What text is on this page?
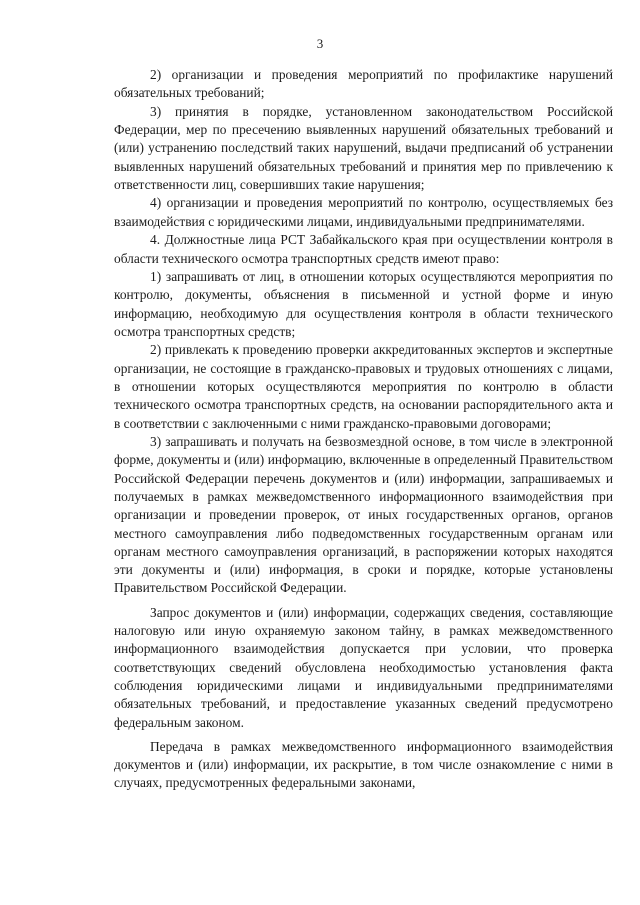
3

2) организации и проведения мероприятий по профилактике нарушений обязательных требований;

3) принятия в порядке, установленном законодательством Российской Федерации, мер по пресечению выявленных нарушений обязательных требований и (или) устранению последствий таких нарушений, выдачи предписаний об устранении выявленных нарушений обязательных требований и принятия мер по привлечению к ответственности лиц, совершивших такие нарушения;

4) организации и проведения мероприятий по контролю, осуществляемых без взаимодействия с юридическими лицами, индивидуальными предпринимателями.

4. Должностные лица РСТ Забайкальского края при осуществлении контроля в области технического осмотра транспортных средств имеют право:

1) запрашивать от лиц, в отношении которых осуществляются мероприятия по контролю, документы, объяснения в письменной и устной форме и иную информацию, необходимую для осуществления контроля в области технического осмотра транспортных средств;

2) привлекать к проведению проверки аккредитованных экспертов и экспертные организации, не состоящие в гражданско-правовых и трудовых отношениях с лицами, в отношении которых осуществляются мероприятия по контролю в области технического осмотра транспортных средств, на основании распорядительного акта и в соответствии с заключенными с ними гражданско-правовыми договорами;

3) запрашивать и получать на безвозмездной основе, в том числе в электронной форме, документы и (или) информацию, включенные в определенный Правительством Российской Федерации перечень документов и (или) информации, запрашиваемых и получаемых в рамках межведомственного информационного взаимодействия при организации и проведении проверок, от иных государственных органов, органов местного самоуправления либо подведомственных государственным органам или органам местного самоуправления организаций, в распоряжении которых находятся эти документы и (или) информация, в сроки и порядке, которые установлены Правительством Российской Федерации.

Запрос документов и (или) информации, содержащих сведения, составляющие налоговую или иную охраняемую законом тайну, в рамках межведомственного информационного взаимодействия допускается при условии, что проверка соответствующих сведений обусловлена необходимостью установления факта соблюдения юридическими лицами и индивидуальными предпринимателями обязательных требований, и предоставление указанных сведений предусмотрено федеральным законом.

Передача в рамках межведомственного информационного взаимодействия документов и (или) информации, их раскрытие, в том числе ознакомление с ними в случаях, предусмотренных федеральными законами,
